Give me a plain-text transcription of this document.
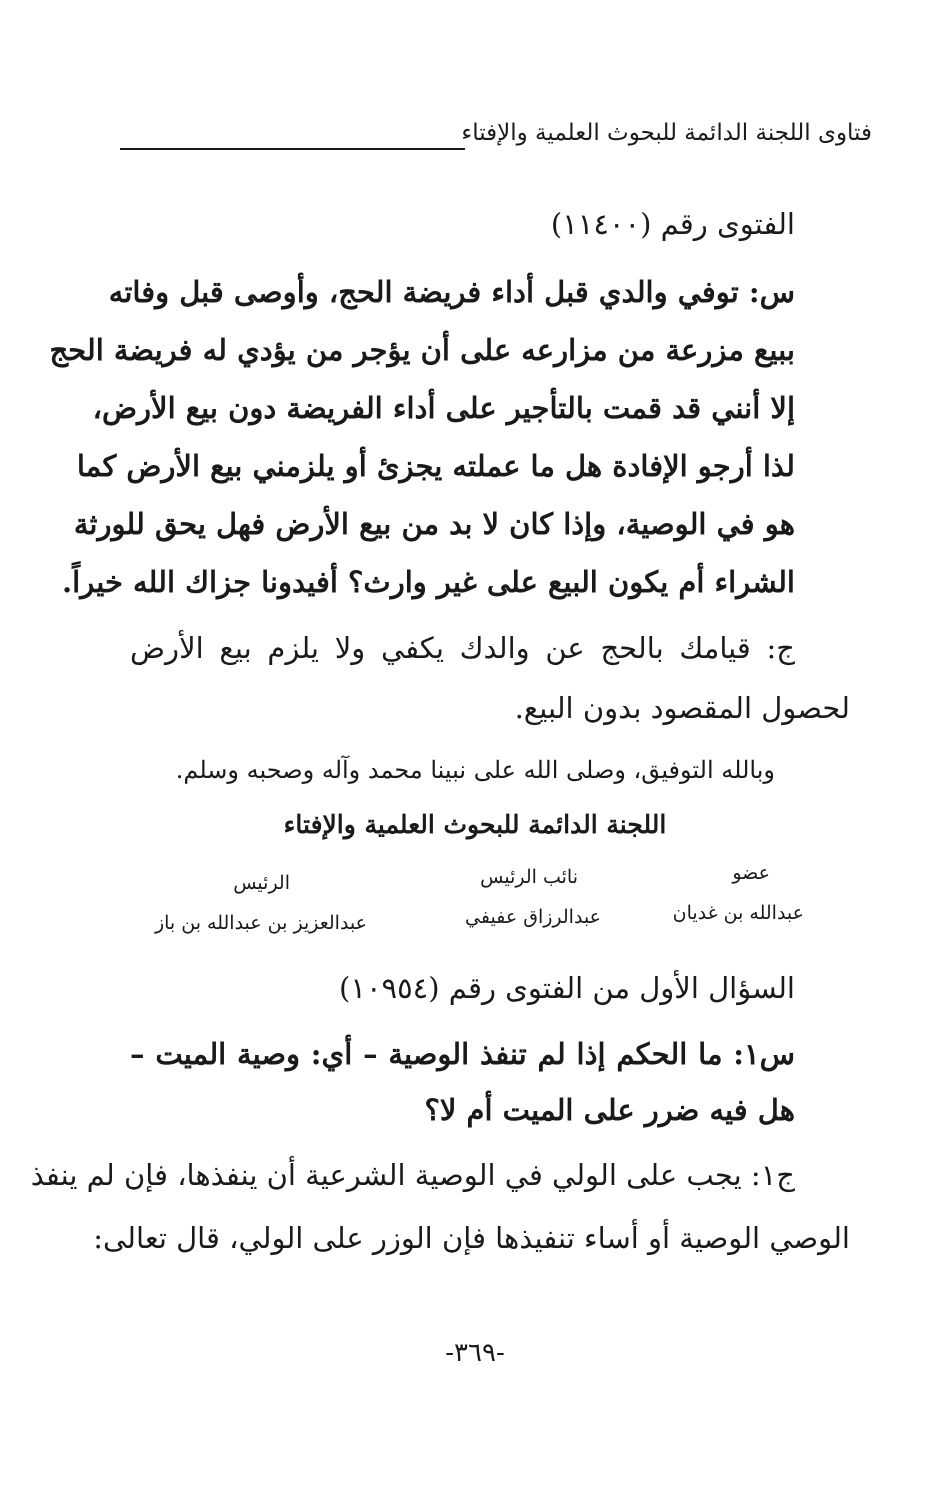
فتاوى اللجنة الدائمة للبحوث العلمية والإفتاء
الفتوى رقم (١١٤٠٠)
س: توفي والدي قبل أداء فريضة الحج، وأوصى قبل وفاته
ببيع مزرعة من مزارعه على أن يؤجر من يؤدي له فريضة الحج
إلا أنني قد قمت بالتأجير على أداء الفريضة دون بيع الأرض،
لذا أرجو الإفادة هل ما عملته يجزئ أو يلزمني بيع الأرض كما
هو في الوصية، وإذا كان لا بد من بيع الأرض فهل يحق للورثة
الشراء أم يكون البيع على غير وارث؟ أفيدونا جزاك الله خيراً.
ج: قيامك بالحج عن والدك يكفي ولا يلزم بيع الأرض
لحصول المقصود بدون البيع.
وبالله التوفيق، وصلى الله على نبينا محمد وآله وصحبه وسلم.
اللجنة الدائمة للبحوث العلمية والإفتاء
الرئيس
عبدالعزيز بن عبدالله بن باز
نائب الرئيس
عبدالرزاق عفيفي
عضو
عبدالله بن غديان
السؤال الأول من الفتوى رقم (١٠٩٥٤)
س١: ما الحكم إذا لم تنفذ الوصية – أي: وصية الميت –
هل فيه ضرر على الميت أم لا؟
ج١: يجب على الولي في الوصية الشرعية أن ينفذها، فإن لم ينفذ
الوصي الوصية أو أساء تنفيذها فإن الوزر على الولي، قال تعالى:
-٣٦٩-
